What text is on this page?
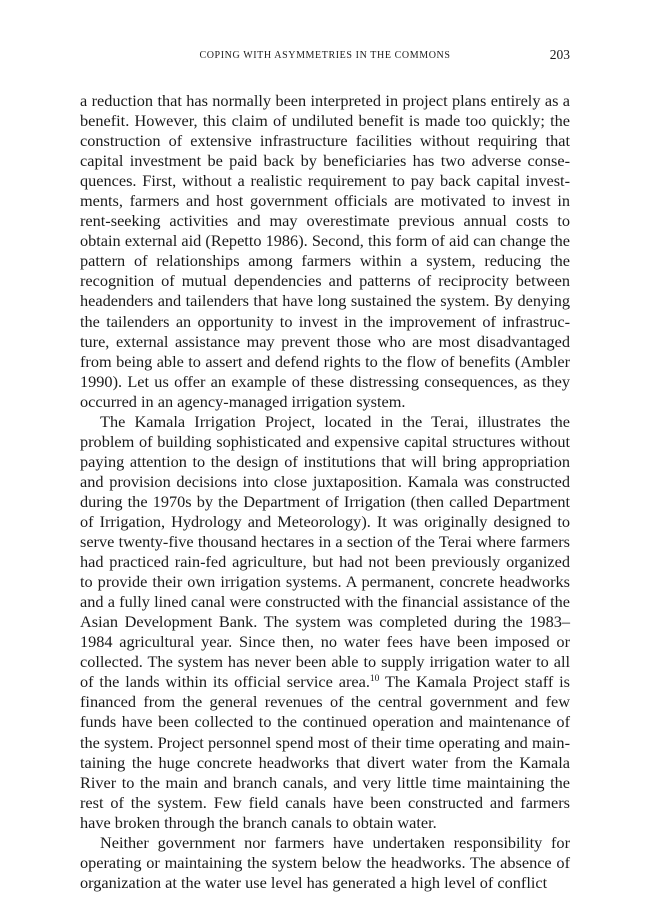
COPING WITH ASYMMETRIES IN THE COMMONS	203

a reduction that has normally been interpreted in project plans entirely as a benefit. However, this claim of undiluted benefit is made too quickly; the construction of extensive infrastructure facilities without requiring that capital investment be paid back by beneficiaries has two adverse consequences. First, without a realistic requirement to pay back capital investments, farmers and host government officials are motivated to invest in rent-seeking activities and may overestimate previous annual costs to obtain external aid (Repetto 1986). Second, this form of aid can change the pattern of relationships among farmers within a system, reducing the recognition of mutual dependencies and patterns of reciprocity between headenders and tailenders that have long sustained the system. By denying the tailenders an opportunity to invest in the improvement of infrastructure, external assistance may prevent those who are most disadvantaged from being able to assert and defend rights to the flow of benefits (Ambler 1990). Let us offer an example of these distressing consequences, as they occurred in an agency-managed irrigation system.

The Kamala Irrigation Project, located in the Terai, illustrates the problem of building sophisticated and expensive capital structures without paying attention to the design of institutions that will bring appropriation and provision decisions into close juxtaposition. Kamala was constructed during the 1970s by the Department of Irrigation (then called Department of Irrigation, Hydrology and Meteorology). It was originally designed to serve twenty-five thousand hectares in a section of the Terai where farmers had practiced rain-fed agriculture, but had not been previously organized to provide their own irrigation systems. A permanent, concrete headworks and a fully lined canal were constructed with the financial assistance of the Asian Development Bank. The system was completed during the 1983–1984 agricultural year. Since then, no water fees have been imposed or collected. The system has never been able to supply irrigation water to all of the lands within its official service area.$^{10}$ The Kamala Project staff is financed from the general revenues of the central government and few funds have been collected to the continued operation and maintenance of the system. Project personnel spend most of their time operating and maintaining the huge concrete headworks that divert water from the Kamala River to the main and branch canals, and very little time maintaining the rest of the system. Few field canals have been constructed and farmers have broken through the branch canals to obtain water.

Neither government nor farmers have undertaken responsibility for operating or maintaining the system below the headworks. The absence of organization at the water use level has generated a high level of conflict
